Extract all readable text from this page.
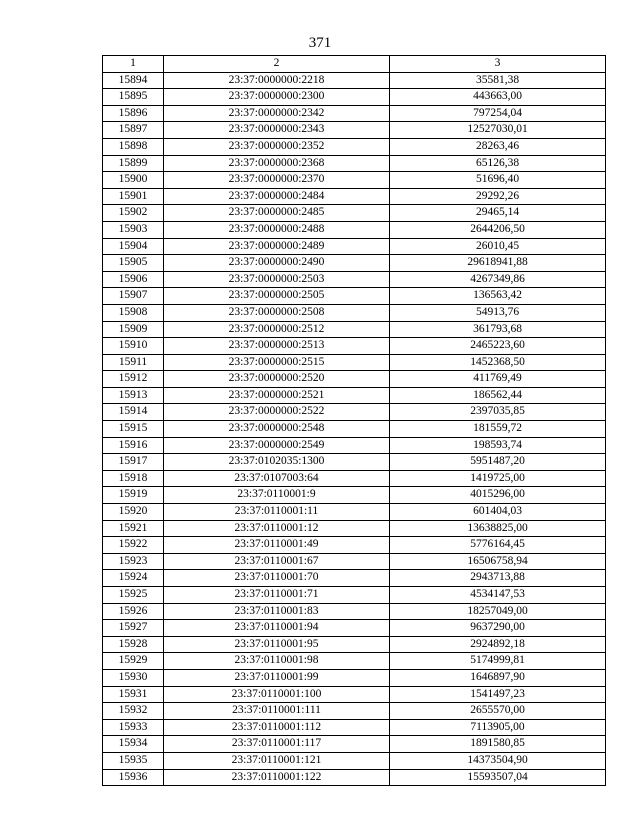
371
1	2	3
15894	23:37:0000000:2218	35581,38
15895	23:37:0000000:2300	443663,00
15896	23:37:0000000:2342	797254,04
15897	23:37:0000000:2343	12527030,01
15898	23:37:0000000:2352	28263,46
15899	23:37:0000000:2368	65126,38
15900	23:37:0000000:2370	51696,40
15901	23:37:0000000:2484	29292,26
15902	23:37:0000000:2485	29465,14
15903	23:37:0000000:2488	2644206,50
15904	23:37:0000000:2489	26010,45
15905	23:37:0000000:2490	29618941,88
15906	23:37:0000000:2503	4267349,86
15907	23:37:0000000:2505	136563,42
15908	23:37:0000000:2508	54913,76
15909	23:37:0000000:2512	361793,68
15910	23:37:0000000:2513	2465223,60
15911	23:37:0000000:2515	1452368,50
15912	23:37:0000000:2520	411769,49
15913	23:37:0000000:2521	186562,44
15914	23:37:0000000:2522	2397035,85
15915	23:37:0000000:2548	181559,72
15916	23:37:0000000:2549	198593,74
15917	23:37:0102035:1300	5951487,20
15918	23:37:0107003:64	1419725,00
15919	23:37:0110001:9	4015296,00
15920	23:37:0110001:11	601404,03
15921	23:37:0110001:12	13638825,00
15922	23:37:0110001:49	5776164,45
15923	23:37:0110001:67	16506758,94
15924	23:37:0110001:70	2943713,88
15925	23:37:0110001:71	4534147,53
15926	23:37:0110001:83	18257049,00
15927	23:37:0110001:94	9637290,00
15928	23:37:0110001:95	2924892,18
15929	23:37:0110001:98	5174999,81
15930	23:37:0110001:99	1646897,90
15931	23:37:0110001:100	1541497,23
15932	23:37:0110001:111	2655570,00
15933	23:37:0110001:112	7113905,00
15934	23:37:0110001:117	1891580,85
15935	23:37:0110001:121	14373504,90
15936	23:37:0110001:122	15593507,04
